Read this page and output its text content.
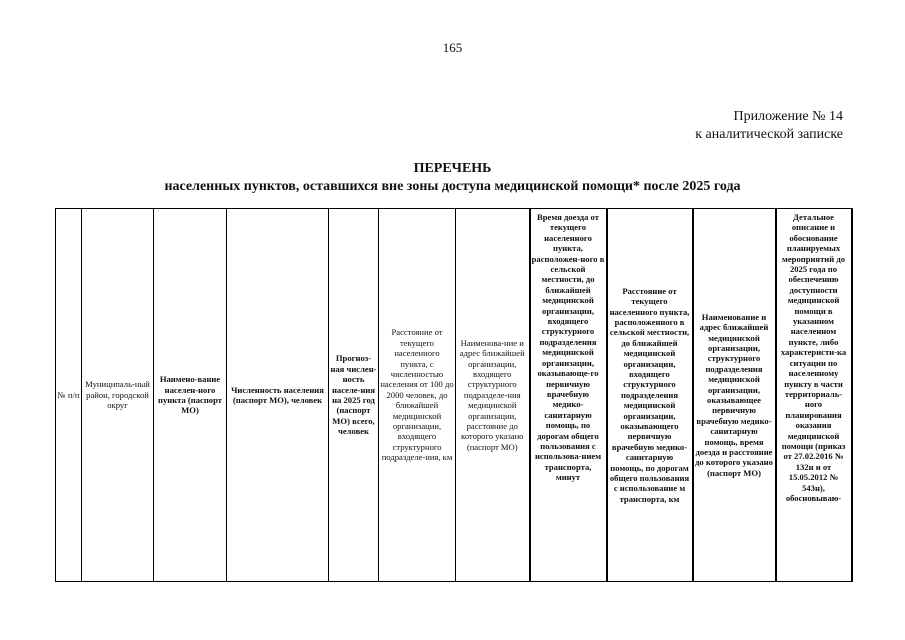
165
Приложение № 14
к аналитической записке
ПЕРЕЧЕНЬ
населенных пунктов, оставшихся вне зоны доступа медицинской помощи* после 2025 года
№ п/п	Муниципаль-ный район, городской округ	Наимено-вание населен-ного пункта (паспорт МО)	Численность населения (паспорт МО), человек	Прогноз-ная числен-ность населе-ния на 2025 год (паспорт МО) всего, человек	Расстояние от текущего населенного пункта, с численностью населения от 100 до 2000 человек, до ближайшей медицинской организации, входящего структурного подразделе-ния, км	Наименова-ние и адрес ближайшей организации, входящего структурного подразделе-ния медицинской организации, расстояние до которого указано (паспорт МО)	Время доезда от текущего населенного пункта, расположен-ного в сельской местности, до ближайшей медицинской организации, входящего структурного подразделения медицинской организации, оказывающе-го первичную врачебную медико-санитарную помощь, по дорогам общего пользования с использова-нием транспорта, минут	Расстояние от текущего населенного пункта, расположенного в сельской местности, до ближайшей медицинской организации, входящего структурного подразделения медицинской организации, оказывающего первичную врачебную медико-санитарную помощь, по дорогам общего пользования с использование м транспорта, км	Наименование и адрес ближайшей медицинской организации, структурного подразделения медицинской организации, оказывающее первичную врачебную медико-санитарную помощь, время доезда и расстояние до которого указано (паспорт МО)	Детальное описание и обоснование планируемых мероприятий до 2025 года по обеспечению доступности медицинской помощи в указанном населенном пункте, либо характеристи-ка ситуации по населенному пункту в части территориаль-ного планирования оказания медицинской помощи (приказ от 27.02.2016 № 132н и от 15.05.2012 № 543н), обосновываю-
